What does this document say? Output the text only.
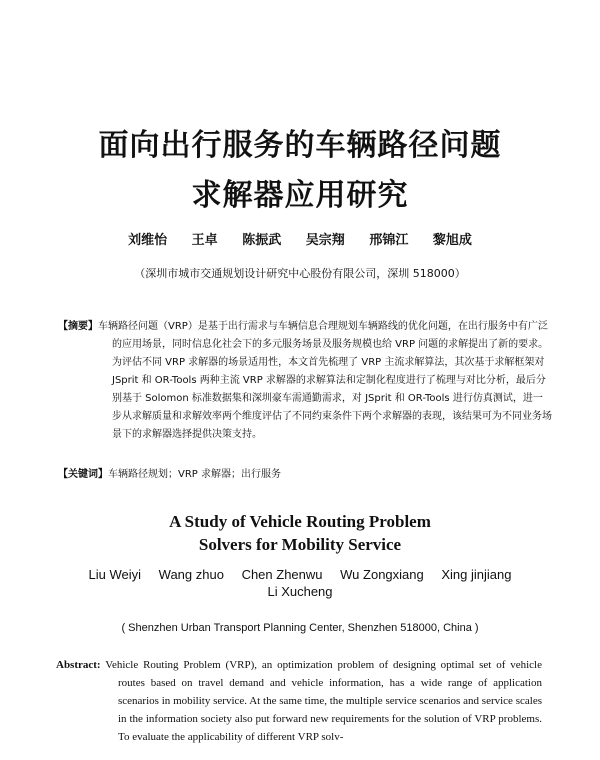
面向出行服务的车辆路径问题
求解器应用研究
刘维怡 王卓 陈振武 吴宗翔 邢锦江 黎旭成
（深圳市城市交通规划设计研究中心股份有限公司，深圳 518000）
【摘要】车辆路径问题（VRP）是基于出行需求与车辆信息合理规划车辆路线的优化问题，在出行服务中有广泛的应用场景，同时信息化社会下的多元服务场景及服务规模也给 VRP 问题的求解提出了新的要求。为评估不同 VRP 求解器的场景适用性，本文首先梳理了 VRP 主流求解算法，其次基于求解框架对 JSprit 和 OR-Tools 两种主流 VRP 求解器的求解算法和定制化程度进行了梳理与对比分析，最后分别基于 Solomon 标准数据集和深圳豪车需通勤需求，对 JSprit 和 OR-Tools 进行仿真测试，进一步从求解质量和求解效率两个维度评估了不同约束条件下两个求解器的表现，该结果可为不同业务场景下的求解器选择提供决策支持。
【关键词】车辆路径规划；VRP 求解器；出行服务
A Study of Vehicle Routing Problem
Solvers for Mobility Service
Liu Weiyi Wang zhuo Chen Zhenwu Wu Zongxiang Xing jinjiang
Li Xucheng
( Shenzhen Urban Transport Planning Center, Shenzhen 518000, China )
Abstract: Vehicle Routing Problem (VRP), an optimization problem of designing optimal set of vehicle routes based on travel demand and vehicle information, has a wide range of application scenarios in mobility service. At the same time, the multiple service scenarios and service scales in the information society also put forward new requirements for the solution of VRP problems. To evaluate the applicability of different VRP solv-
